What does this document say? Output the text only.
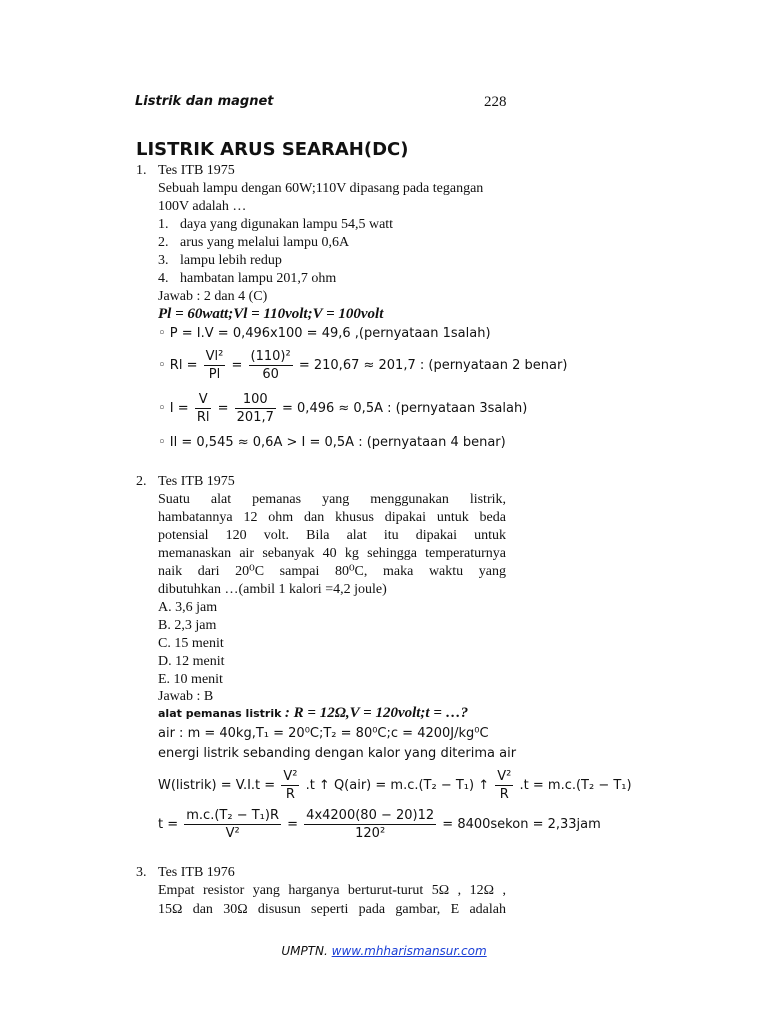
Listrik dan magnet	228
LISTRIK ARUS SEARAH(DC)
1. Tes ITB 1975
Sebuah lampu dengan 60W;110V dipasang pada tegangan
100V adalah …
1. daya yang digunakan lampu 54,5 watt
2. arus yang melalui lampu 0,6A
3. lampu lebih redup
4. hambatan lampu 201,7 ohm
Jawab : 2 dan 4 (C)
Pl = 60watt;Vl = 110volt;V = 100volt
◦ P = I.V = 0,496x100 = 49,6 ,(pernyataan 1salah)
◦ $Rl = \frac{\text{Vl²}}{Pl} = \frac{\text{(110)²}}{60} = 210,67 \approx 201,7$ : (pernyataan 2 benar)
◦ $I = \frac{V}{Rl} = \frac{100}{201,7} = 0,496 \approx 0,5A$ : (pernyataan 3salah)
◦ Il = 0,545 ≈ 0,6A > I = 0,5A : (pernyataan 4 benar)
2. Tes ITB 1975
Suatu alat pemanas yang menggunakan listrik,
hambatannya 12 ohm dan khusus dipakai untuk beda
potensial 120 volt. Bila alat itu dipakai untuk
memanaskan air sebanyak 40 kg sehingga temperaturnya
naik dari 20⁰C sampai 80⁰C, maka waktu yang
dibutuhkan …(ambil 1 kalori =4,2 joule)
A. 3,6 jam
B. 2,3 jam
C. 15 menit
D. 12 menit
E. 10 menit
Jawab : B
alat pemanas listrik : R = 12Ω,V = 120volt;t = …?
air : m = 40kg,T₁ = 20⁰C;T₂ = 80⁰C;c = 4200J/kg⁰C
energi listrik sebanding dengan kalor yang diterima air
W(listrik) = $V.I.t = \frac{\text{V²}}{R} .t$ ↑ Q(air) = m.c.(T₂ − T₁) ↑ $\frac{\text{V²}}{R} .t = m.c.(T_2 - T_1)$
$t = \frac{\text{m.c.(T₂ − T₁)R}}{\text{V²}} = \frac{4x4200(80 - 20)12}{\text{120²}}$ = 8400sekon = 2,33jam
3. Tes ITB 1976
Empat resistor yang harganya berturut-turut 5Ω , 12Ω ,
15Ω dan 30Ω disusun seperti pada gambar, E adalah
UMPTN. www.mhharismansur.com
